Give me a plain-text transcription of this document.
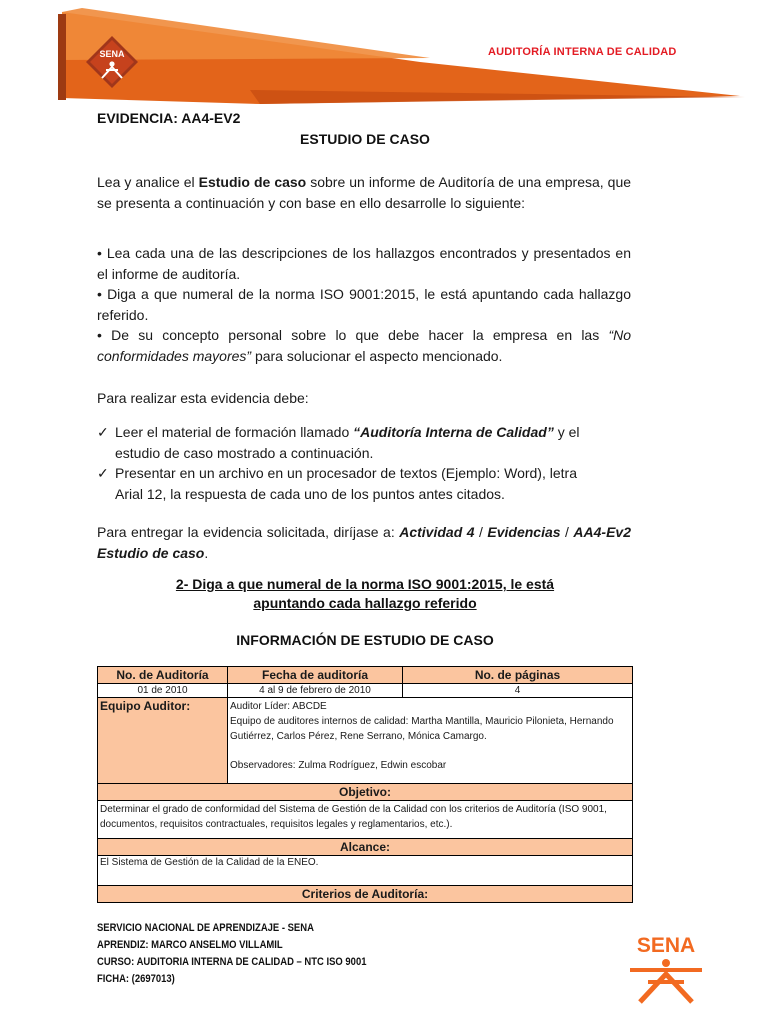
SENA	AUDITORÍA INTERNA DE CALIDAD
EVIDENCIA: AA4-EV2
ESTUDIO DE CASO

Lea y analice el Estudio de caso sobre un informe de Auditoría de una empresa, que se presenta a continuación y con base en ello desarrolle lo siguiente:

• Lea cada una de las descripciones de los hallazgos encontrados y presentados en el informe de auditoría.

• Diga a que numeral de la norma ISO 9001:2015, le está apuntando cada hallazgo referido.

• De su concepto personal sobre lo que debe hacer la empresa en las “No conformidades mayores” para solucionar el aspecto mencionado.

Para realizar esta evidencia debe:

✓ Leer el material de formación llamado “Auditoría Interna de Calidad” y el

estudio de caso mostrado a continuación.

✓ Presentar en un archivo en un procesador de textos (Ejemplo: Word), letra

Arial 12, la respuesta de cada uno de los puntos antes citados.

Para entregar la evidencia solicitada, diríjase a: Actividad 4 / Evidencias / AA4-Ev2 Estudio de caso.

2- Diga a que numeral de la norma ISO 9001:2015, le está

apuntando cada hallazgo referido

INFORMACIÓN DE ESTUDIO DE CASO
No. de Auditoría	Fecha de auditoría	No. de páginas
01 de 2010	4 al 9 de febrero de 2010	4
Equipo Auditor:	Auditor Líder: ABCDE
Equipo de auditores internos de calidad: Martha Mantilla, Mauricio Pilonieta, Hernando Gutiérrez, Carlos Pérez, Rene Serrano, Mónica Camargo.
Observadores: Zulma Rodríguez, Edwin escobar	

Objetivo:		
Determinar el grado de conformidad del Sistema de Gestión de la Calidad con los criterios de Auditoría (ISO 9001, documentos, requisitos contractuales, requisitos legales y reglamentarios, etc.).		
Alcance:		
El Sistema de Gestión de la Calidad de la ENEO.		
Criterios de Auditoría:		
SERVICIO NACIONAL DE APRENDIZAJE - SENA
APRENDIZ: MARCO ANSELMO VILLAMIL
CURSO: AUDITORIA INTERNA DE CALIDAD – NTC ISO 9001
FICHA: (2697013)
SENA
